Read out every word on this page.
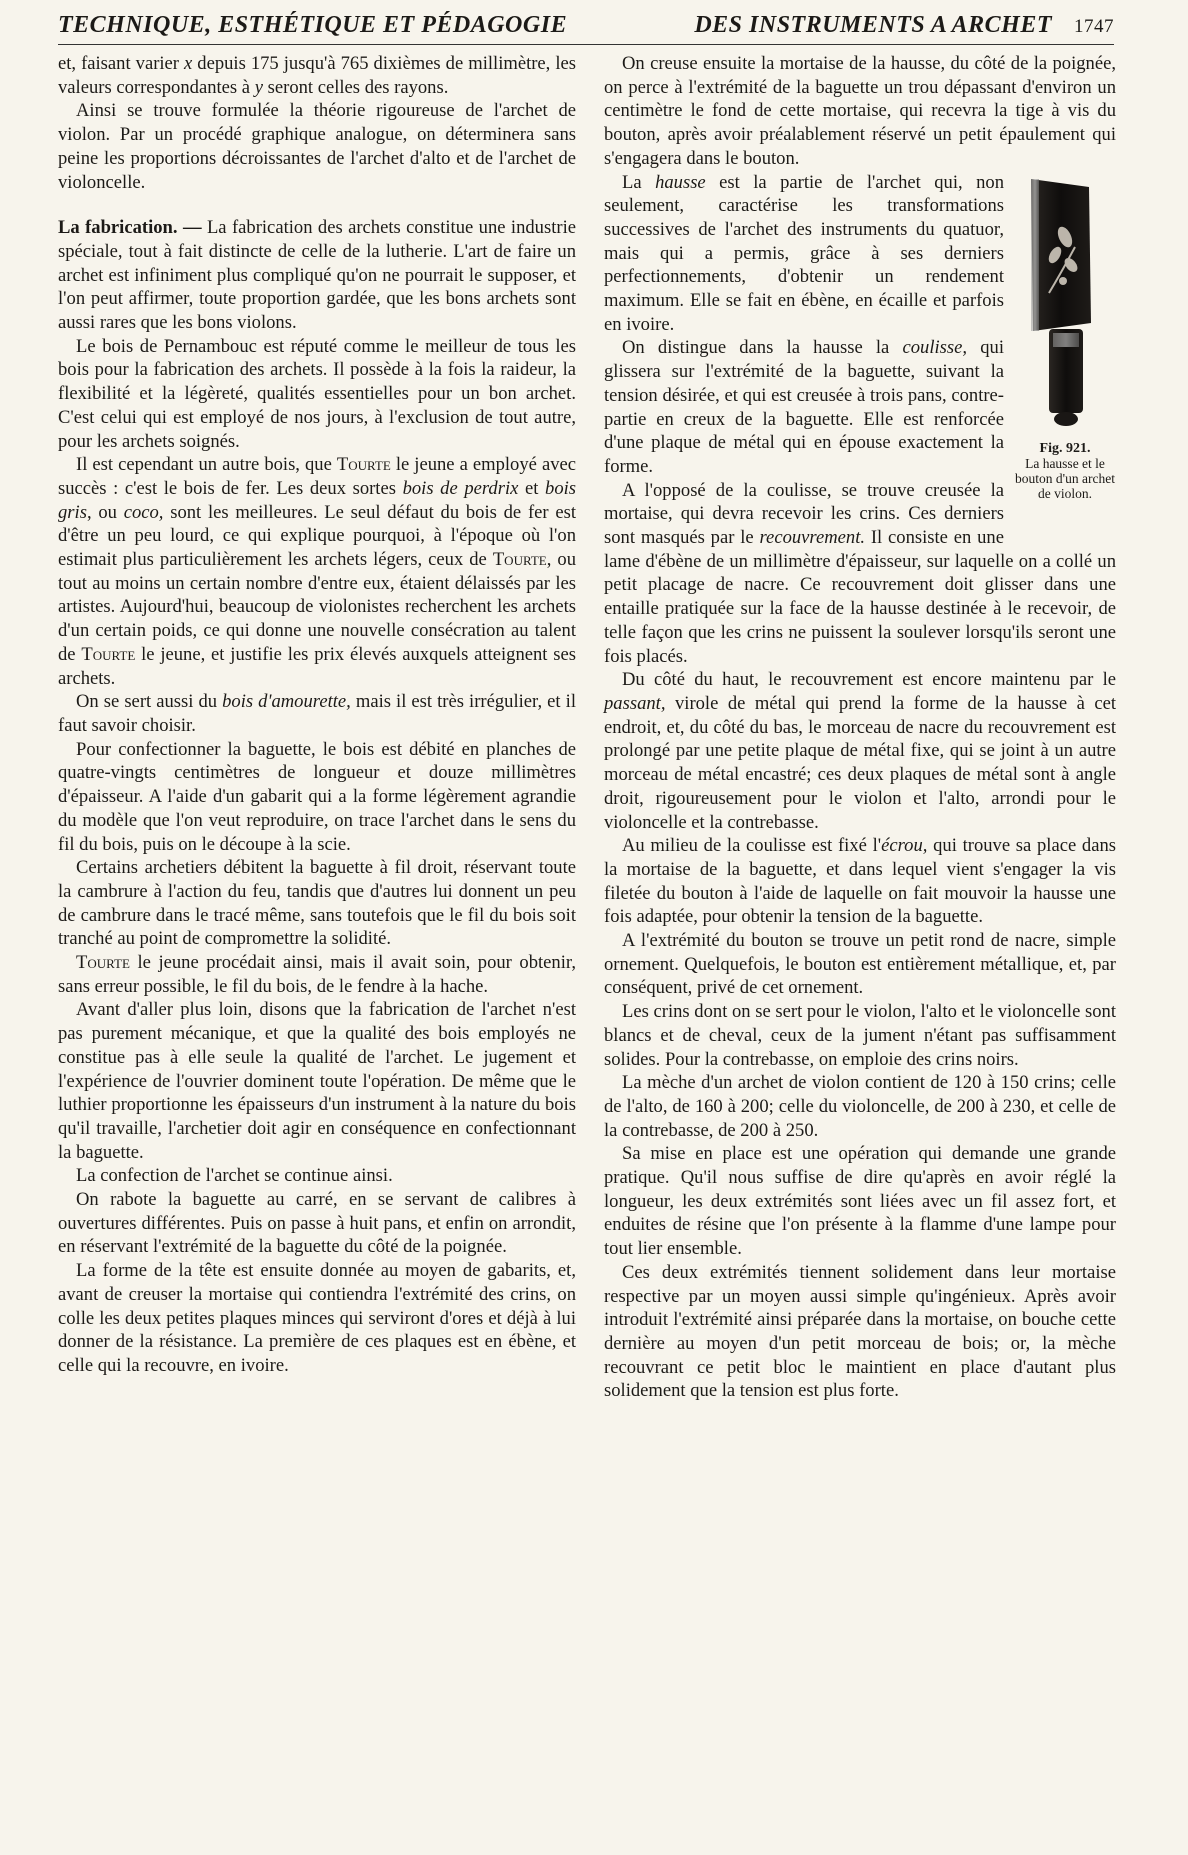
TECHNIQUE, ESTHÉTIQUE ET PÉDAGOGIE	DES INSTRUMENTS A ARCHET 1747

et, faisant varier x depuis 175 jusqu'à 765 dixièmes de millimètre, les valeurs correspondantes à y seront celles des rayons.

Ainsi se trouve formulée la théorie rigoureuse de l'archet de violon. Par un procédé graphique analogue, on déterminera sans peine les proportions décroissantes de l'archet d'alto et de l'archet de violoncelle.

La fabrication. — La fabrication des archets constitue une industrie spéciale, tout à fait distincte de celle de la lutherie. L'art de faire un archet est infiniment plus compliqué qu'on ne pourrait le supposer, et l'on peut affirmer, toute proportion gardée, que les bons archets sont aussi rares que les bons violons.

Le bois de Pernambouc est réputé comme le meilleur de tous les bois pour la fabrication des archets. Il possède à la fois la raideur, la flexibilité et la légèreté, qualités essentielles pour un bon archet. C'est celui qui est employé de nos jours, à l'exclusion de tout autre, pour les archets soignés.

Il est cependant un autre bois, que Tourte le jeune a employé avec succès : c'est le bois de fer. Les deux sortes bois de perdrix et bois gris, ou coco, sont les meilleures. Le seul défaut du bois de fer est d'être un peu lourd, ce qui explique pourquoi, à l'époque où l'on estimait plus particulièrement les archets légers, ceux de Tourte, ou tout au moins un certain nombre d'entre eux, étaient délaissés par les artistes. Aujourd'hui, beaucoup de violonistes recherchent les archets d'un certain poids, ce qui donne une nouvelle consécration au talent de Tourte le jeune, et justifie les prix élevés auxquels atteignent ses archets.

On se sert aussi du bois d'amourette, mais il est très irrégulier, et il faut savoir choisir.

Pour confectionner la baguette, le bois est débité en planches de quatre-vingts centimètres de longueur et douze millimètres d'épaisseur. A l'aide d'un gabarit qui a la forme légèrement agrandie du modèle que l'on veut reproduire, on trace l'archet dans le sens du fil du bois, puis on le découpe à la scie.

Certains archetiers débitent la baguette à fil droit, réservant toute la cambrure à l'action du feu, tandis que d'autres lui donnent un peu de cambrure dans le tracé même, sans toutefois que le fil du bois soit tranché au point de compromettre la solidité.

Tourte le jeune procédait ainsi, mais il avait soin, pour obtenir, sans erreur possible, le fil du bois, de le fendre à la hache.

Avant d'aller plus loin, disons que la fabrication de l'archet n'est pas purement mécanique, et que la qualité des bois employés ne constitue pas à elle seule la qualité de l'archet. Le jugement et l'expérience de l'ouvrier dominent toute l'opération. De même que le luthier proportionne les épaisseurs d'un instrument à la nature du bois qu'il travaille, l'archetier doit agir en conséquence en confectionnant la baguette.

La confection de l'archet se continue ainsi.

On rabote la baguette au carré, en se servant de calibres à ouvertures différentes. Puis on passe à huit pans, et enfin on arrondit, en réservant l'extrémité de la baguette du côté de la poignée.

La forme de la tête est ensuite donnée au moyen de gabarits, et, avant de creuser la mortaise qui contiendra l'extrémité des crins, on colle les deux petites plaques minces qui serviront d'ores et déjà à lui donner de la résistance. La première de ces plaques est en ébène, et celle qui la recouvre, en ivoire.

On creuse ensuite la mortaise de la hausse, du côté de la poignée, on perce à l'extrémité de la baguette un trou dépassant d'environ un centimètre le fond de cette mortaise, qui recevra la tige à vis du bouton, après avoir préalablement réservé un petit épaulement qui s'engagera dans le bouton.

Fig. 921.
La hausse et le bouton d'un archet de violon.

La hausse est la partie de l'archet qui, non seulement, caractérise les transformations successives de l'archet des instruments du quatuor, mais qui a permis, grâce à ses derniers perfectionnements, d'obtenir un rendement maximum. Elle se fait en ébène, en écaille et parfois en ivoire.

On distingue dans la hausse la coulisse, qui glissera sur l'extrémité de la baguette, suivant la tension désirée, et qui est creusée à trois pans, contre-partie en creux de la baguette. Elle est renforcée d'une plaque de métal qui en épouse exactement la forme.

A l'opposé de la coulisse, se trouve creusée la mortaise, qui devra recevoir les crins. Ces derniers sont masqués par le recouvrement. Il consiste en une lame d'ébène de un millimètre d'épaisseur, sur laquelle on a collé un petit placage de nacre. Ce recouvrement doit glisser dans une entaille pratiquée sur la face de la hausse destinée à le recevoir, de telle façon que les crins ne puissent la soulever lorsqu'ils seront une fois placés.

Du côté du haut, le recouvrement est encore maintenu par le passant, virole de métal qui prend la forme de la hausse à cet endroit, et, du côté du bas, le morceau de nacre du recouvrement est prolongé par une petite plaque de métal fixe, qui se joint à un autre morceau de métal encastré; ces deux plaques de métal sont à angle droit, rigoureusement pour le violon et l'alto, arrondi pour le violoncelle et la contrebasse.

Au milieu de la coulisse est fixé l'écrou, qui trouve sa place dans la mortaise de la baguette, et dans lequel vient s'engager la vis filetée du bouton à l'aide de laquelle on fait mouvoir la hausse une fois adaptée, pour obtenir la tension de la baguette.

A l'extrémité du bouton se trouve un petit rond de nacre, simple ornement. Quelquefois, le bouton est entièrement métallique, et, par conséquent, privé de cet ornement.

Les crins dont on se sert pour le violon, l'alto et le violoncelle sont blancs et de cheval, ceux de la jument n'étant pas suffisamment solides. Pour la contrebasse, on emploie des crins noirs.

La mèche d'un archet de violon contient de 120 à 150 crins; celle de l'alto, de 160 à 200; celle du violoncelle, de 200 à 230, et celle de la contrebasse, de 200 à 250.

Sa mise en place est une opération qui demande une grande pratique. Qu'il nous suffise de dire qu'après en avoir réglé la longueur, les deux extrémités sont liées avec un fil assez fort, et enduites de résine que l'on présente à la flamme d'une lampe pour tout lier ensemble.

Ces deux extrémités tiennent solidement dans leur mortaise respective par un moyen aussi simple qu'ingénieux. Après avoir introduit l'extrémité ainsi préparée dans la mortaise, on bouche cette dernière au moyen d'un petit morceau de bois; or, la mèche recouvrant ce petit bloc le maintient en place d'autant plus solidement que la tension est plus forte.
